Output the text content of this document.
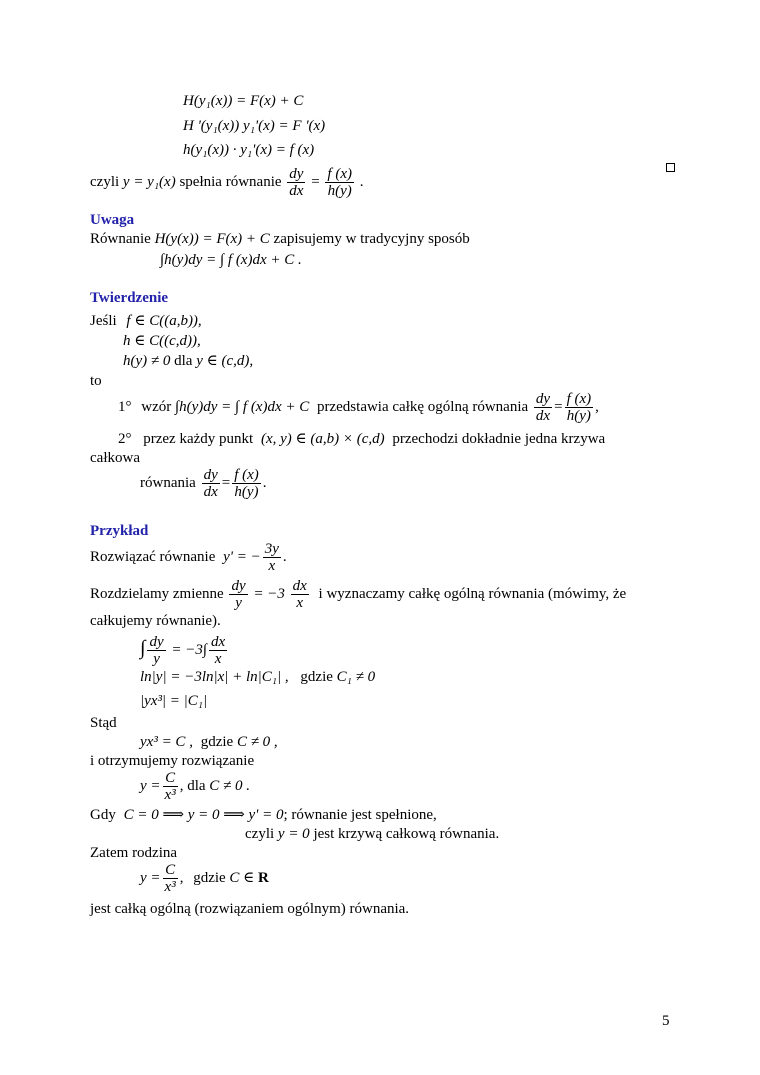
H(y₁(x)) = F(x) + C
H '(y₁(x)) y₁'(x) = F '(x)
h(y₁(x)) · y₁'(x) = f (x)
czyli y = y₁(x) spełnia równanie $\frac{dy}{dx} = \frac{f (x)}{h(y)}$ .
Uwaga
Równanie H(y(x)) = F(x) + C zapisujemy w tradycyjny sposób
∫h(y)dy = ∫ f (x)dx + C .
Twierdzenie
Jeśli f ∈ C((a,b)),
h ∈ C((c,d)),
h(y) ≠ 0 dla y ∈ (c,d),
to
1° wzór ∫h(y)dy = ∫ f (x)dx + C przedstawia całkę ogólną równania $\frac{dy}{dx} = \frac{f (x)}{h(y)}$ ,
2° przez każdy punkt (x, y) ∈ (a,b) × (c,d) przechodzi dokładnie jedna krzywa
całkowa
równania $\frac{dy}{dx} = \frac{f (x)}{h(y)}$ .
Przykład
Rozwiązać równanie y' = − $\frac{3y}{x}$ .
Rozdzielamy zmienne $\frac{dy}{y} = -3 \frac{dx}{x}$ i wyznaczamy całkę ogólną równania (mówimy, że
całkujemy równanie).
∫ $\frac{dy}{y} = -3\int \frac{dx}{x}$
ln|y| = −3ln|x| + ln|C₁| , gdzie C₁ ≠ 0
|yx³| = |C₁|
Stąd
yx³ = C , gdzie C ≠ 0 ,
i otrzymujemy rozwiązanie
$y = \frac{C}{\text{x³}}$ , dla C ≠ 0 .
Gdy C = 0 ⟹ y = 0 ⟹ y' = 0; równanie jest spełnione,
czyli y = 0 jest krzywą całkową równania.
Zatem rodzina
$y = \frac{C}{\text{x³}}$ , gdzie C ∈ R
jest całką ogólną (rozwiązaniem ogólnym) równania.
5
